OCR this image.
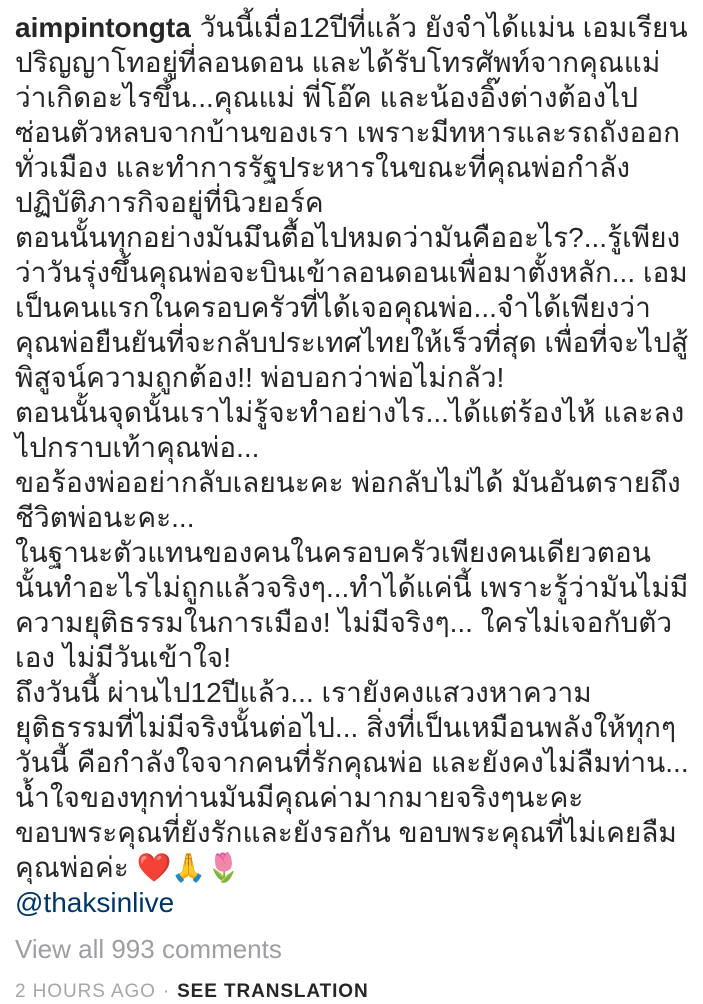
aimpintongta วันนี้เมื่อ12ปีที่แล้ว ยังจำได้แม่น เอมเรียนปริญญาโทอยู่ที่ลอนดอน และได้รับโทรศัพท์จากคุณแม่ว่าเกิดอะไรขึ้น...คุณแม่ พี่โอ๊ค และน้องอิ๊งต่างต้องไปซ่อนตัวหลบจากบ้านของเรา เพราะมีทหารและรถถังออกทั่วเมือง และทำการรัฐประหารในขณะที่คุณพ่อกำลังปฏิบัติภารกิจอยู่ที่นิวยอร์ค

ตอนนั้นทุกอย่างมันมึนตื้อไปหมดว่ามันคืออะไร?...รู้เพียงว่าวันรุ่งขึ้นคุณพ่อจะบินเข้าลอนดอนเพื่อมาตั้งหลัก... เอมเป็นคนแรกในครอบครัวที่ได้เจอคุณพ่อ...จำได้เพียงว่า คุณพ่อยืนยันที่จะกลับประเทศไทยให้เร็วที่สุด เพื่อที่จะไปสู้พิสูจน์ความถูกต้อง!! พ่อบอกว่าพ่อไม่กลัว!

ตอนนั้นจุดนั้นเราไม่รู้จะทำอย่างไร...ได้แต่ร้องไห้ และลงไปกราบเท้าคุณพ่อ...

ขอร้องพ่ออย่ากลับเลยนะคะ พ่อกลับไม่ได้ มันอันตรายถึงชีวิตพ่อนะคะ...

ในฐานะตัวแทนของคนในครอบครัวเพียงคนเดียวตอนนั้นทำอะไรไม่ถูกแล้วจริงๆ...ทำได้แค่นี้ เพราะรู้ว่ามันไม่มีความยุติธรรมในการเมือง! ไม่มีจริงๆ... ใครไม่เจอกับตัวเอง ไม่มีวันเข้าใจ!

ถึงวันนี้ ผ่านไป12ปีแล้ว... เรายังคงแสวงหาความยุติธรรมที่ไม่มีจริงนั้นต่อไป... สิ่งที่เป็นเหมือนพลังให้ทุกๆวันนี้ คือกำลังใจจากคนที่รักคุณพ่อ และยังคงไม่ลืมท่าน... น้ำใจของทุกท่านมันมีคุณค่ามากมายจริงๆนะคะ ขอบพระคุณที่ยังรักและยังรอกัน ขอบพระคุณที่ไม่เคยลืมคุณพ่อค่ะ ❤️🙏🌷

@thaksinlive

View all 993 comments
2 HOURS AGO · SEE TRANSLATION
